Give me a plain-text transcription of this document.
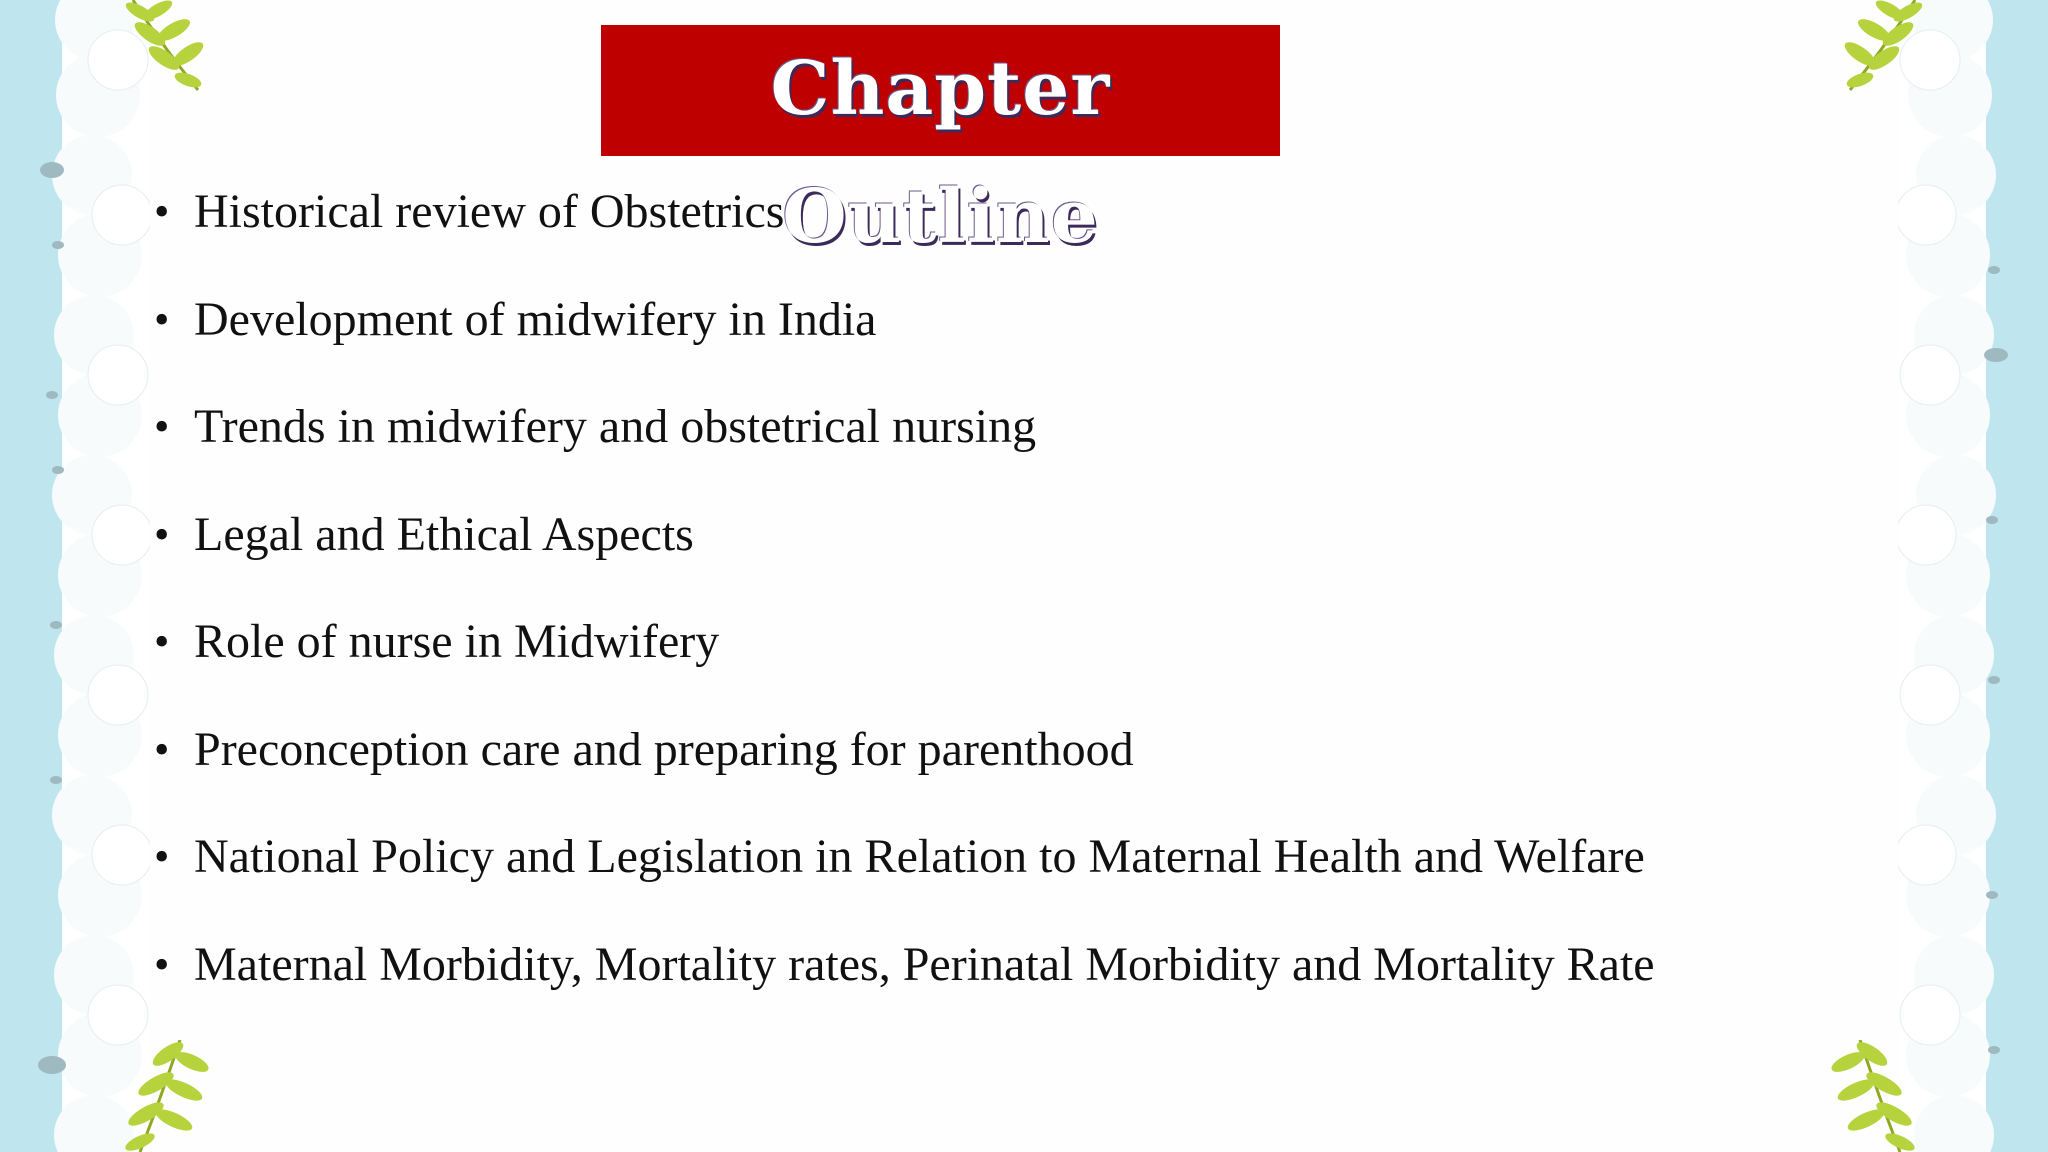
Chapter Outline
• Historical review of Obstetrics
• Development of midwifery in India
• Trends in midwifery and obstetrical nursing
• Legal and Ethical Aspects
• Role of nurse in Midwifery
• Preconception care and preparing for parenthood
• National Policy and Legislation in Relation to Maternal Health and Welfare
• Maternal Morbidity, Mortality rates, Perinatal Morbidity and Mortality Rate
